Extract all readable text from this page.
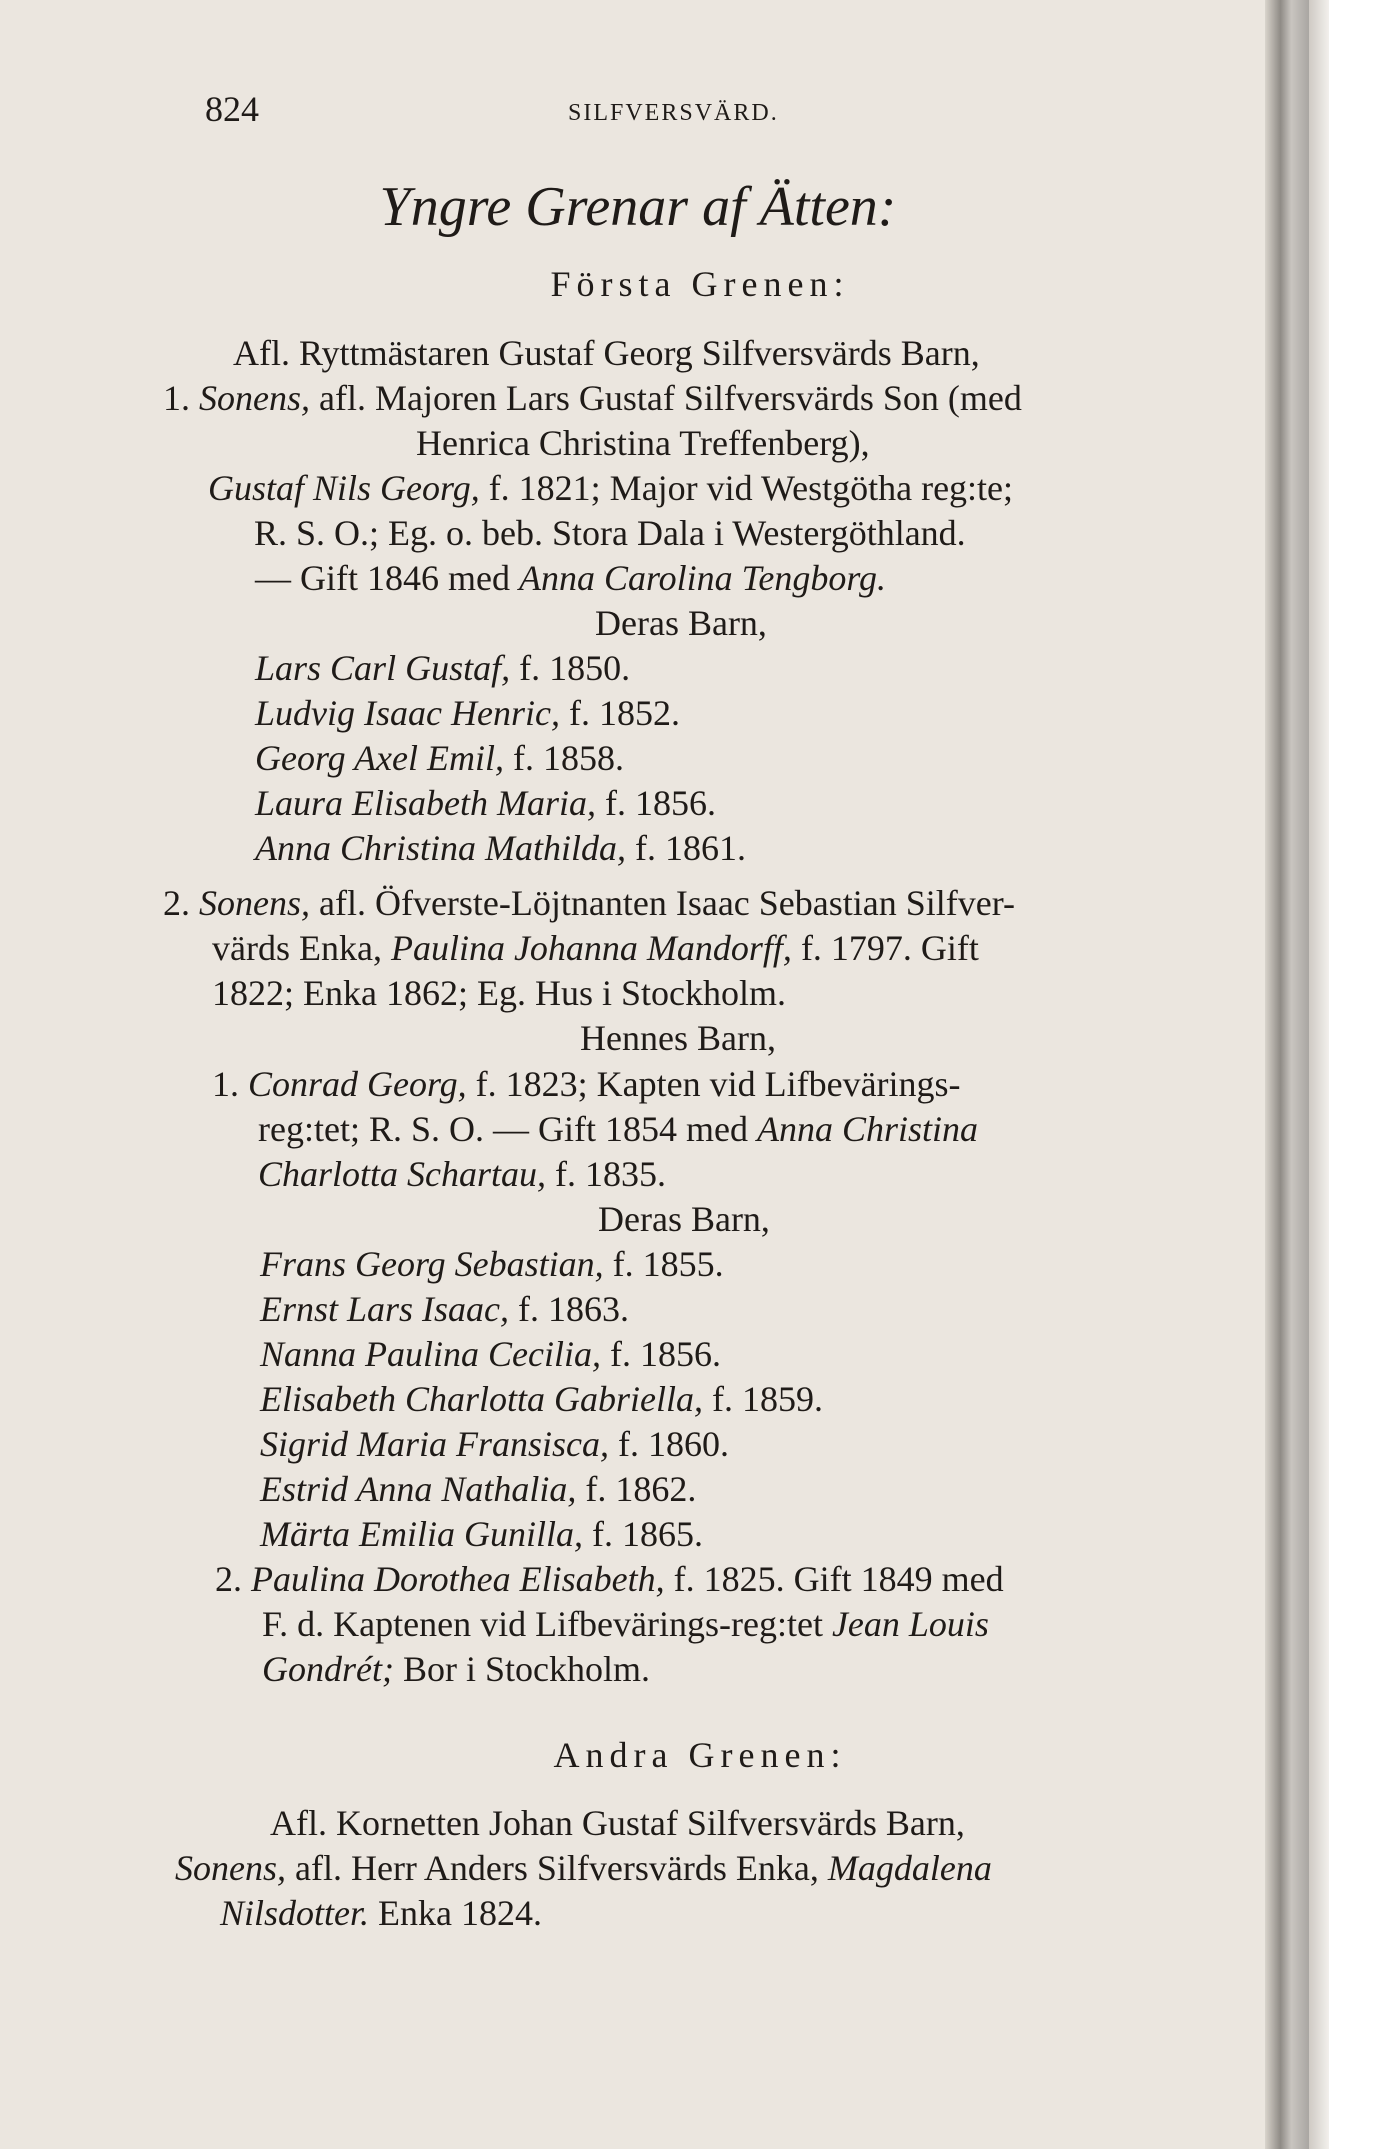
824	SILFVERSVÄRD.
Yngre Grenar af Ätten:
Första Grenen:
Afl. Ryttmästaren Gustaf Georg Silfversvärds Barn,
1. Sonens, afl. Majoren Lars Gustaf Silfversvärds Son (med
Henrica Christina Treffenberg),
Gustaf Nils Georg, f. 1821; Major vid Westgötha reg:te;
R. S. O.; Eg. o. beb. Stora Dala i Westergöthland.
— Gift 1846 med Anna Carolina Tengborg.
Deras Barn,
Lars Carl Gustaf, f. 1850.
Ludvig Isaac Henric, f. 1852.
Georg Axel Emil, f. 1858.
Laura Elisabeth Maria, f. 1856.
Anna Christina Mathilda, f. 1861.
2. Sonens, afl. Öfverste-Löjtnanten Isaac Sebastian Silfver-
värds Enka, Paulina Johanna Mandorff, f. 1797. Gift
1822; Enka 1862; Eg. Hus i Stockholm.
Hennes Barn,
1. Conrad Georg, f. 1823; Kapten vid Lifbevärings-
reg:tet; R. S. O. — Gift 1854 med Anna Christina
Charlotta Schartau, f. 1835.
Deras Barn,
Frans Georg Sebastian, f. 1855.
Ernst Lars Isaac, f. 1863.
Nanna Paulina Cecilia, f. 1856.
Elisabeth Charlotta Gabriella, f. 1859.
Sigrid Maria Fransisca, f. 1860.
Estrid Anna Nathalia, f. 1862.
Märta Emilia Gunilla, f. 1865.
2. Paulina Dorothea Elisabeth, f. 1825. Gift 1849 med
F. d. Kaptenen vid Lifbevärings-reg:tet Jean Louis
Gondrét; Bor i Stockholm.
Andra Grenen:
Afl. Kornetten Johan Gustaf Silfversvärds Barn,
Sonens, afl. Herr Anders Silfversvärds Enka, Magdalena
Nilsdotter. Enka 1824.
